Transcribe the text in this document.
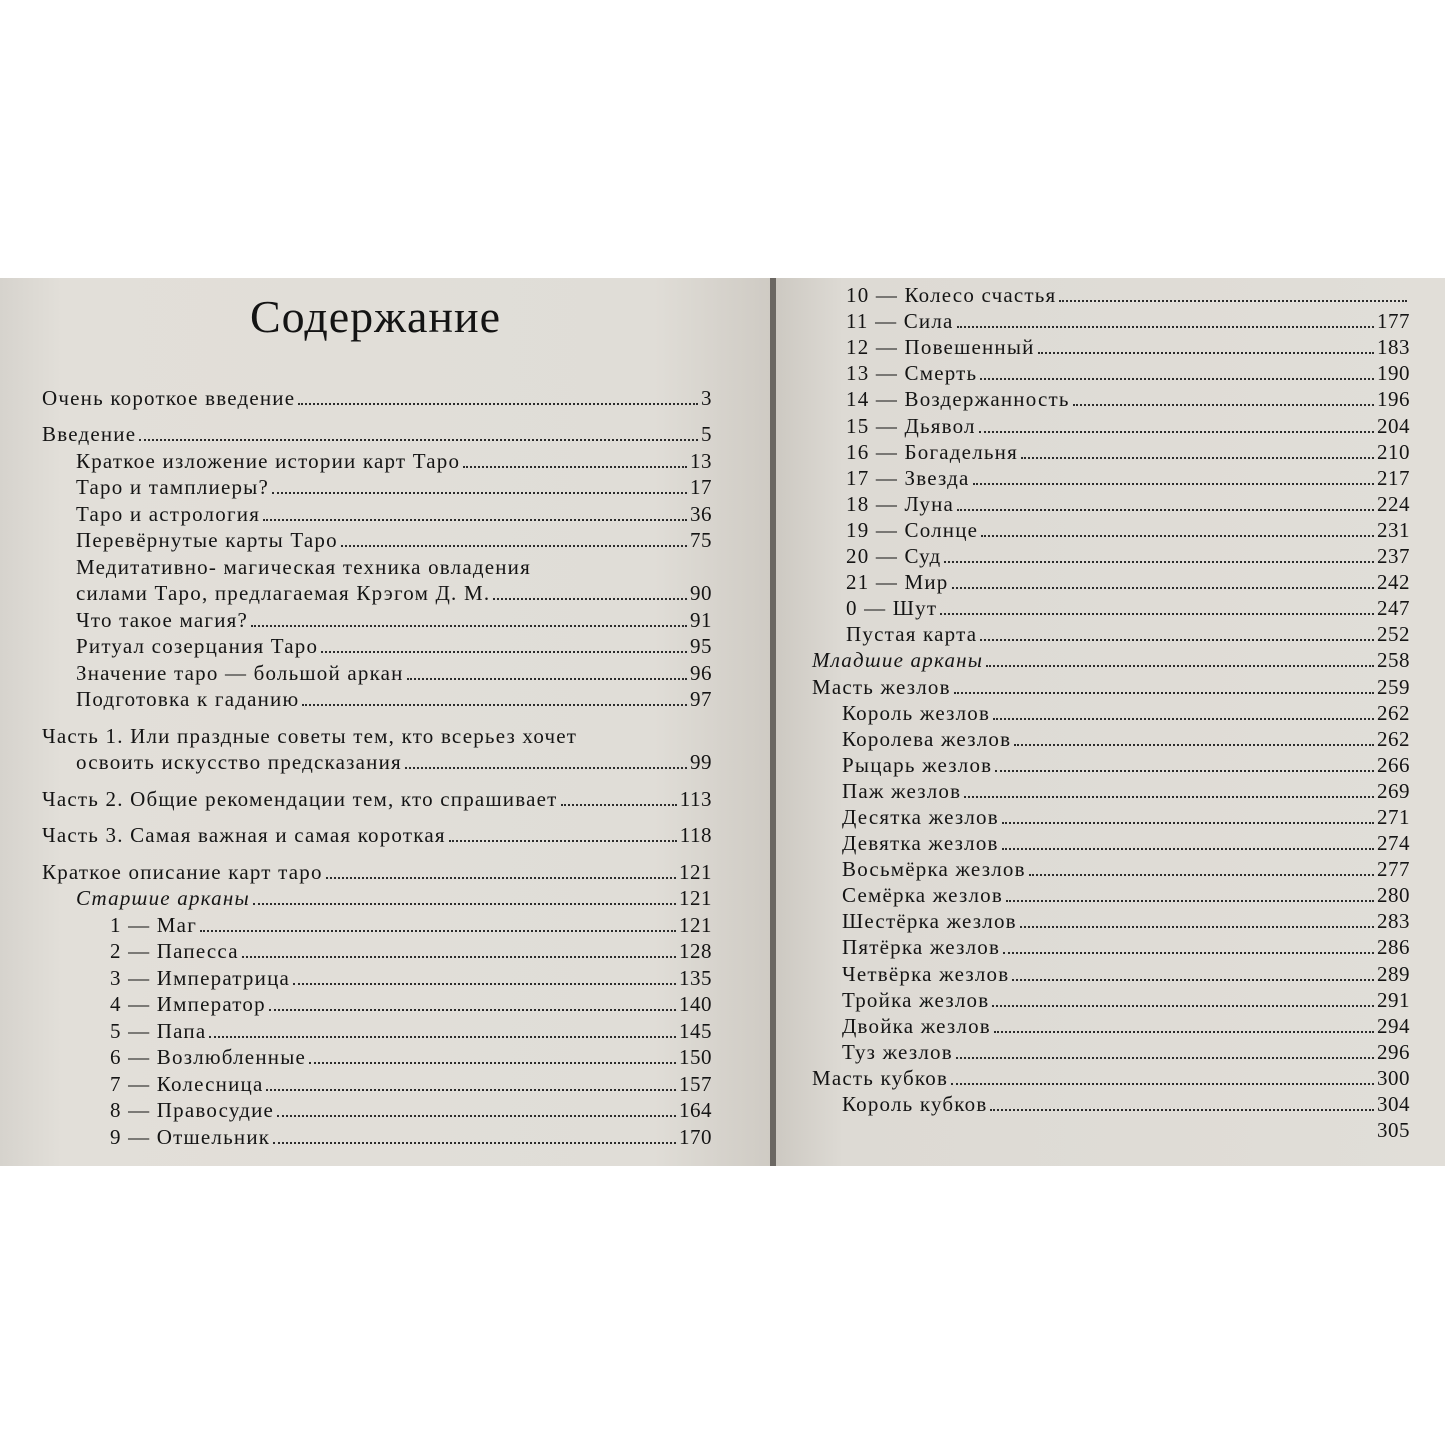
Содержание
Очень короткое введение	3
Введение	5
Краткое изложение истории карт Таро	13
Таро и тамплиеры?	17
Таро и астрология	36
Перевёрнутые карты Таро	75
Медитативно- магическая техника овладения
силами Таро, предлагаемая Крэгом Д. М.	90
Что такое магия?	91
Ритуал созерцания Таро	95
Значение таро — большой аркан	96
Подготовка к гаданию	97
Часть 1. Или праздные советы тем, кто всерьез хочет
освоить искусство предсказания	99
Часть 2. Общие рекомендации тем, кто спрашивает	113
Часть 3. Самая важная и самая короткая	118
Краткое описание карт таро	121
Старшие арканы	121
1 — Маг	121
2 — Папесса	128
3 — Императрица	135
4 — Император	140
5 — Папа	145
6 — Возлюбленные	150
7 — Колесница	157
8 — Правосудие	164
9 — Отшельник	170
10 — Колесо счастья
11 — Сила	177
12 — Повешенный	183
13 — Смерть	190
14 — Воздержанность	196
15 — Дьявол	204
16 — Богадельня	210
17 — Звезда	217
18 — Луна	224
19 — Солнце	231
20 — Суд	237
21 — Мир	242
0 — Шут	247
Пустая карта	252
Младшие арканы	258
Масть жезлов	259
Король жезлов	262
Королева жезлов	262
Рыцарь жезлов	266
Паж жезлов	269
Десятка жезлов	271
Девятка жезлов	274
Восьмёрка жезлов	277
Семёрка жезлов	280
Шестёрка жезлов	283
Пятёрка жезлов	286
Четвёрка жезлов	289
Тройка жезлов	291
Двойка жезлов	294
Туз жезлов	296
Масть кубков	300
Король кубков	304
305
